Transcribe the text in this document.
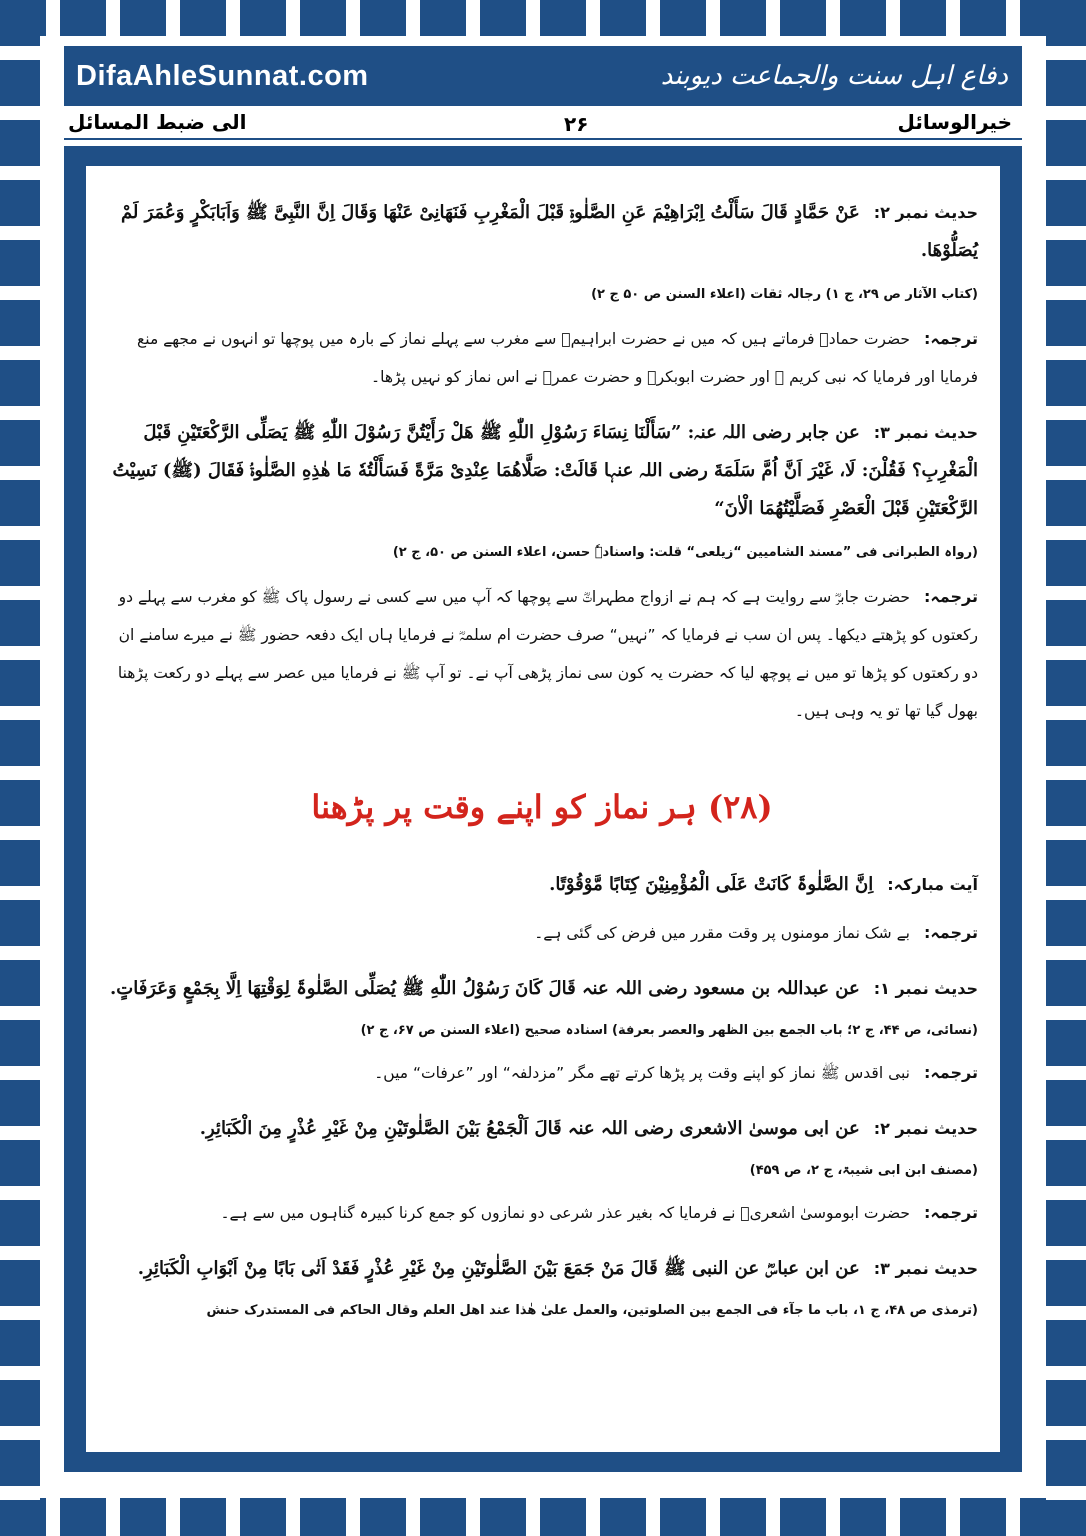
DifaAhleSunnat.com	دفاع اہل سنت والجماعت دیوبند
الی ضبط المسائل	۲۶	خیرالوسائل

حدیث نمبر ۲:عَنْ حَمَّادٍ قَالَ سَأَلْتُ اِبْرَاهِیْمَ عَنِ الصَّلٰوۃِ قَبْلَ الْمَغْرِبِ فَنَهَانِیْ عَنْهَا وَقَالَ اِنَّ النَّبِیَّ ﷺ وَاَبَابَکْرٍ وَعُمَرَ لَمْ یُصَلُّوْهَا.

(کتاب الآثار ص ۲۹، ج ۱) رجالہ ثقات (اعلاء السنن ص ۵۰ ج ۲)

ترجمہ:حضرت حمادؒ فرماتے ہیں کہ میں نے حضرت ابراہیمؒ سے مغرب سے پہلے نماز کے بارہ میں پوچھا تو انہوں نے مجھے منع فرمایا اور فرمایا کہ نبی کریم ﷺ اور حضرت ابوبکرؓ و حضرت عمرؓ نے اس نماز کو نہیں پڑھا۔

حدیث نمبر ۳:عن جابر رضی اللہ عنہ: ”سَأَلْنَا نِسَاءَ رَسُوْلِ اللّٰهِ ﷺ هَلْ رَأَیْتُنَّ رَسُوْلَ اللّٰهِ ﷺ یَصَلِّی الرَّکْعَتَیْنِ قَبْلَ الْمَغْرِبِ؟ فَقُلْنَ: لَا، غَیْرَ اَنَّ اُمَّ سَلَمَةَ رضی اللہ عنہا قَالَتْ: صَلَّاهُمَا عِنْدِیْ مَرَّةً فَسَأَلْتُهٗ مَا هٰذِهِ الصَّلٰوۃُ فَقَالَ (ﷺ) نَسِیْتُ الرَّکْعَتَیْنِ قَبْلَ الْعَصْرِ فَصَلَّیْتُهُمَا الْاٰنَ“

(رواہ الطبرانی فی ”مسند الشامیین “زیلعی“ قلت: واسنادہٗ حسن، اعلاء السنن ص ۵۰، ج ۲)

ترجمہ:حضرت جابرؓ سے روایت ہے کہ ہم نے ازواج مطہراتؓ سے پوچھا کہ آپ میں سے کسی نے رسول پاک ﷺ کو مغرب سے پہلے دو رکعتوں کو پڑھتے دیکھا۔ پس ان سب نے فرمایا کہ ”نہیں“ صرف حضرت ام سلمہؓ نے فرمایا ہاں ایک دفعہ حضور ﷺ نے میرے سامنے ان دو رکعتوں کو پڑھا تو میں نے پوچھ لیا کہ حضرت یہ کون سی نماز پڑھی آپ نے۔ تو آپ ﷺ نے فرمایا میں عصر سے پہلے دو رکعت پڑھنا بھول گیا تھا تو یہ وہی ہیں۔

(۲۸) ہر نماز کو اپنے وقت پر پڑھنا

آیت مبارکہ:اِنَّ الصَّلٰوۃَ کَانَتْ عَلَی الْمُؤْمِنِیْنَ کِتَابًا مَّوْقُوْتًا.

ترجمہ:بے شک نماز مومنوں پر وقت مقرر میں فرض کی گئی ہے۔

حدیث نمبر ۱:عن عبداللہ بن مسعود رضی اللہ عنہ قَالَ کَانَ رَسُوْلُ اللّٰهِ ﷺ یُصَلِّی الصَّلٰوۃَ لِوَقْتِهَا اِلَّا بِجَمْعٍ وَعَرَفَاتٍ.

(نسائی، ص ۴۴، ج ۲؛ باب الجمع بین الظهر والعصر بعرفة) اسنادہ صحیح (اعلاء السنن ص ۶۷، ج ۲)

ترجمہ:نبی اقدس ﷺ نماز کو اپنے وقت پر پڑھا کرتے تھے مگر ”مزدلفہ“ اور ”عرفات“ میں۔

حدیث نمبر ۲:عن ابی موسیٰ الاشعری رضی اللہ عنہ قَالَ اَلْجَمْعُ بَیْنَ الصَّلٰوتَیْنِ مِنْ غَیْرِ عُذْرٍ مِنَ الْکَبَائِرِ.

(مصنف ابن ابی شیبۃ، ج ۲، ص ۴۵۹)

ترجمہ:حضرت ابوموسیٰ اشعریؓ نے فرمایا کہ بغیر عذر شرعی دو نمازوں کو جمع کرنا کبیرہ گناہوں میں سے ہے۔

حدیث نمبر ۳:عن ابن عباسؓ عن النبی ﷺ قَالَ مَنْ جَمَعَ بَیْنَ الصَّلٰوتَیْنِ مِنْ غَیْرِ عُذْرٍ فَقَدْ اَتٰی بَابًا مِنْ اَبْوَابِ الْکَبَائِرِ.

(ترمذی ص ۴۸، ج ۱، باب ما جآء فی الجمع بین الصلوتین، والعمل علیٰ هٰذا عند اهل العلم وقال الحاکم فی المستدرک حنش
